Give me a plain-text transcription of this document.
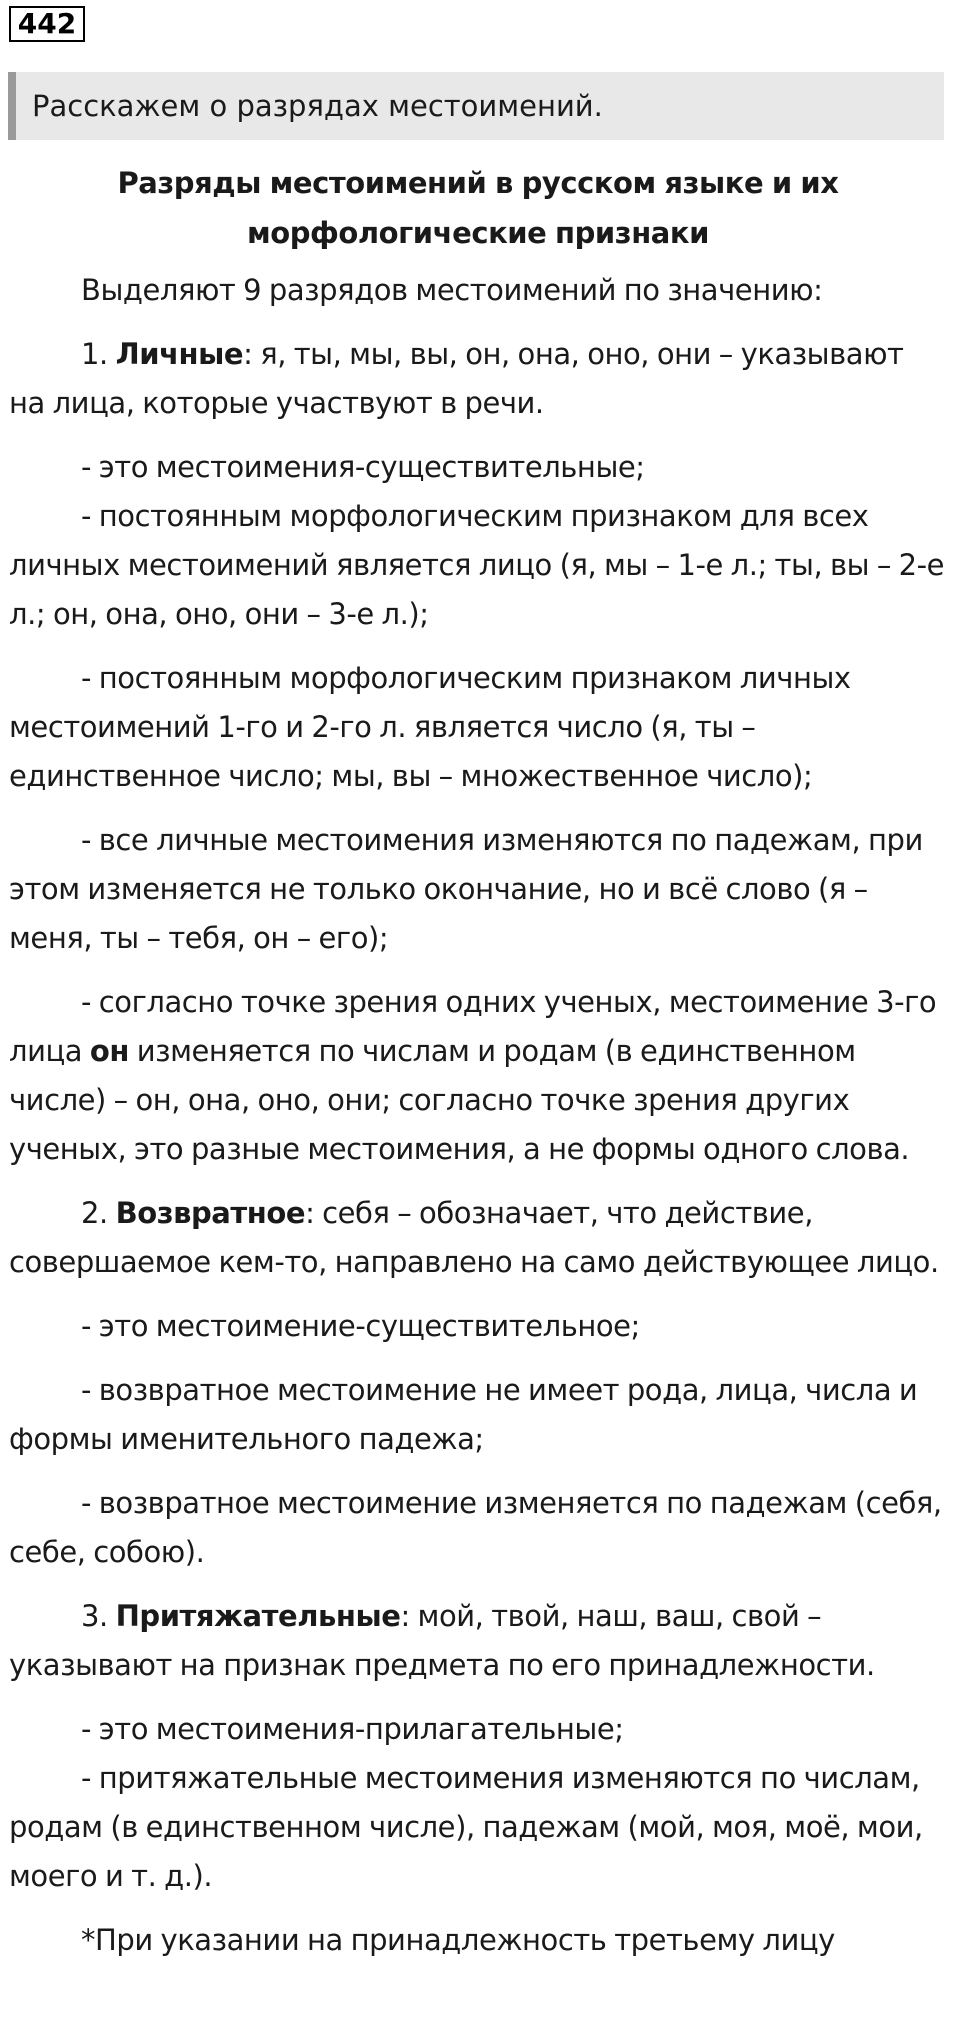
442
Расскажем о разрядах местоимений.
Разряды местоимений в русском языке и их
морфологические признаки
Выделяют 9 разрядов местоимений по значению:
1. Личные: я, ты, мы, вы, он, она, оно, они – указывают на лица, которые участвуют в речи.
- это местоимения-существительные;
- постоянным морфологическим признаком для всех личных местоимений является лицо (я, мы – 1-е л.; ты, вы – 2-е л.; он, она, оно, они – 3-е л.);
- постоянным морфологическим признаком личных местоимений 1-го и 2-го л. является число (я, ты – единственное число; мы, вы – множественное число);
- все личные местоимения изменяются по падежам, при этом изменяется не только окончание, но и всё слово (я – меня, ты – тебя, он – его);
- согласно точке зрения одних ученых, местоимение 3-го лица он изменяется по числам и родам (в единственном числе) – он, она, оно, они; согласно точке зрения других ученых, это разные местоимения, а не формы одного слова.
2. Возвратное: себя – обозначает, что действие, совершаемое кем-то, направлено на само действующее лицо.
- это местоимение-существительное;
- возвратное местоимение не имеет рода, лица, числа и формы именительного падежа;
- возвратное местоимение изменяется по падежам (себя, себе, собою).
3. Притяжательные: мой, твой, наш, ваш, свой – указывают на признак предмета по его принадлежности.
- это местоимения-прилагательные;
- притяжательные местоимения изменяются по числам, родам (в единственном числе), падежам (мой, моя, моё, мои, моего и т. д.).
*При указании на принадлежность третьему лицу
